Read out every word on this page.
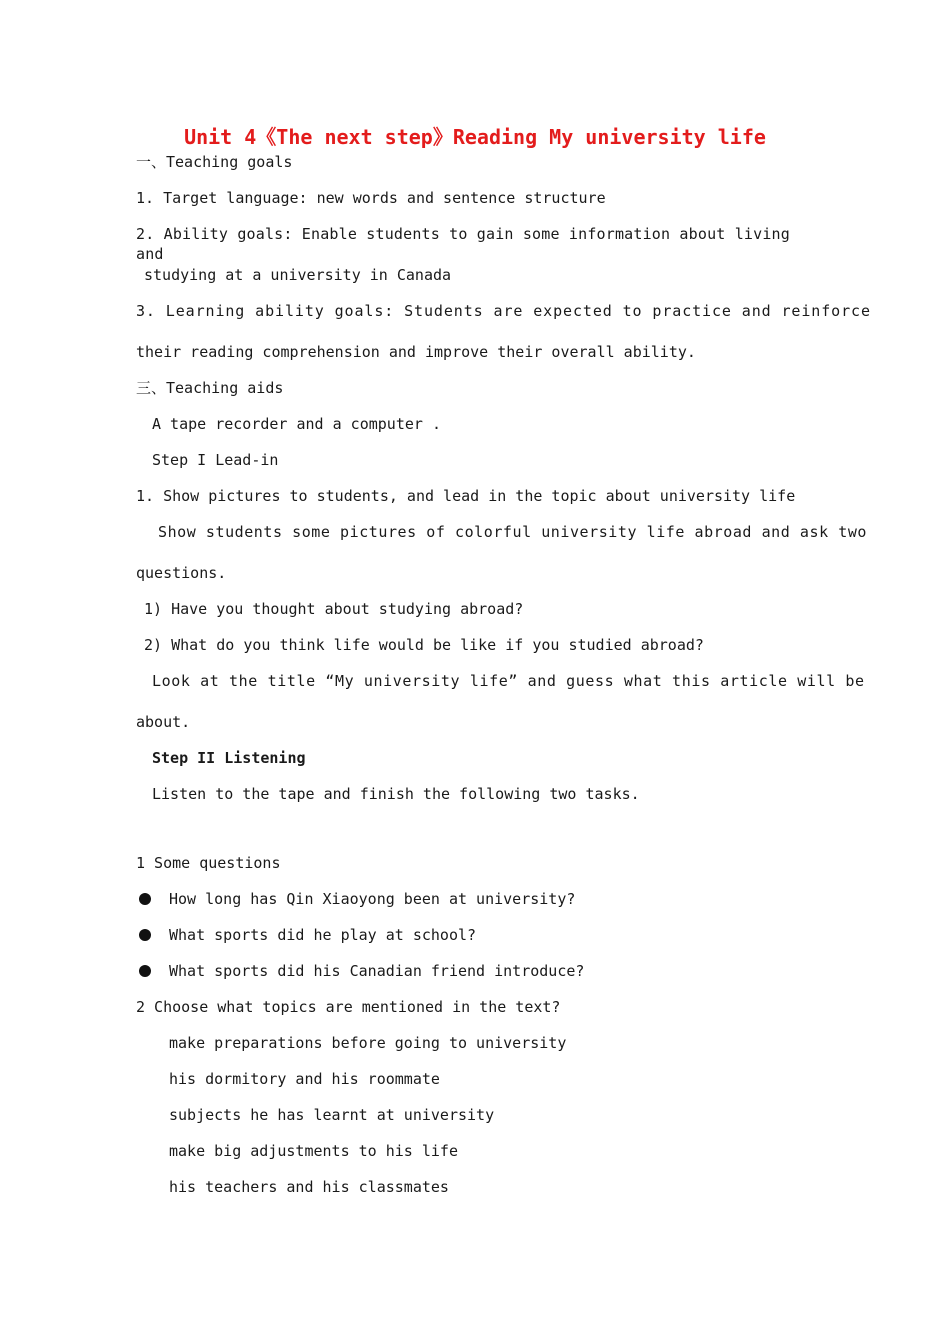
Unit 4《The next step》Reading My university life
一、Teaching goals
1. Target language: new words and sentence structure
2. Ability goals: Enable students to gain some information about living and
studying at a university in Canada
3. Learning ability goals: Students are expected to practice and reinforce
their reading comprehension and improve their overall ability.
三、Teaching aids
A tape recorder and a computer .
Step I Lead-in
1. Show pictures to students, and lead in the topic about university life
Show students some pictures of colorful university life abroad and ask two
questions.
1) Have you thought about studying abroad?
2) What do you think life would be like if you studied abroad?
Look at the title “My university life” and guess what this article will be
about.
Step II Listening
Listen to the tape and finish the following two tasks.
1 Some questions
How long has Qin Xiaoyong been at university?
What sports did he play at school?
What sports did his Canadian friend introduce?
2 Choose what topics are mentioned in the text?
make preparations before going to university
his dormitory and his roommate
subjects he has learnt at university
make big adjustments to his life
his teachers and his classmates
